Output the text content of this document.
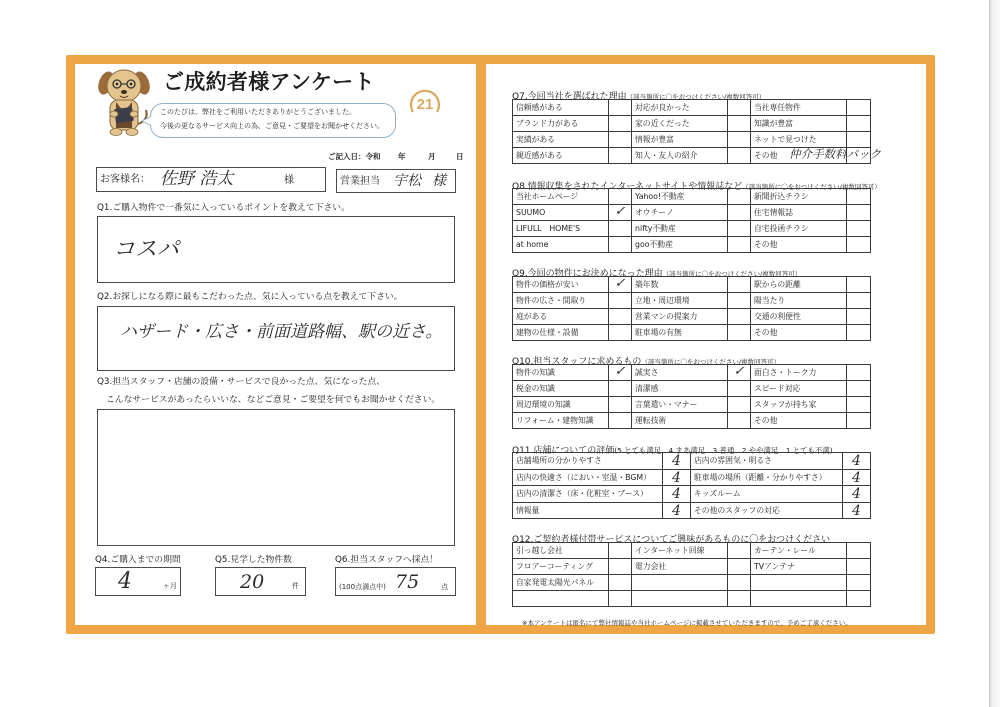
ご成約者様アンケート
21
このたびは、弊社をご利用いただきありがとうございました。
今後の更なるサービス向上の為、ご意見・ご要望をお聞かせください。
ご記入日：令和 年	月	日
お客様名： 佐野 浩太	様	営業担当 宇松 様
Q1.ご購入物件で一番気に入っているポイントを教えて下さい。
コスパ
Q2.お探しになる際に最もこだわった点、気に入っている点を教えて下さい。
ハザード・広さ・前面道路幅、駅の近さ。
Q3.担当スタッフ・店舗の設備・サービスで良かった点、気になった点、
こんなサービスがあったらいいな、などご意見・ご要望を何でもお聞かせください。
Q4.ご購入までの期間
4	ヶ月
Q5.見学した物件数
20	件
Q6.担当スタッフへ採点！
(100点満点中) 75	点
Q7.今回当社を選ばれた理由（該当箇所に〇をおつけください/複数回答可）
信頼感がある	対応が良かった	当社専任物件
ブランド力がある	家の近くだった	知識が豊富
実績がある	情報が豊富	ネットで見つけた
親近感がある	知人・友人の紹介	その他	仲介手数料パック
Q8.情報収集をされたインターネットサイトや情報誌など（該当箇所に〇をおつけください/複数回答可）
当社ホームページ	Yahoo!不動産	新聞折込チラシ
SUUMO	✓	オウチーノ	住宅情報誌
LIFULL　HOME'S	nifty不動産	自宅投函チラシ
at home	goo不動産	その他
Q9.今回の物件にお決めになった理由（該当箇所に〇をおつけください/複数回答可）
物件の価格が安い	✓	築年数	駅からの距離
物件の広さ・間取り	立地・周辺環境	陽当たり
庭がある	営業マンの提案力	交通の利便性
建物の仕様・設備	駐車場の有無	その他
Q10.担当スタッフに求めるもの（該当箇所に〇をおつけください/複数回答可）
物件の知識	✓	誠実さ	✓	面白さ・トーク力
税金の知識	清潔感	スピード対応
周辺環境の知識	言葉遣い・マナー	スタッフが持ち家
リフォーム・建物知識	運転技術	その他
Q11.店舗についての評価(5.とても満足　4.まあ満足　3.普通　2.やや満足　1.とても不満)
店舗場所の分かりやすさ	4	店内の雰囲気・明るさ	4
店内の快適さ（におい・室温・BGM）	4	駐車場の場所（距離・分かりやすさ）	4
店内の清潔さ（床・化粧室・ブース）	4	キッズルーム	4
情報量	4	その他のスタッフの対応	4
Q12.ご契約者様付帯サービスについてご興味があるものに〇をおつけください
引っ越し会社	インターネット回線	カーテン・レール
フロアーコーティング	電力会社	TVアンテナ
自家発電太陽光パネル
※本アンケートは匿名にて弊社情報誌や当社ホームページに掲載させていただきますので、予めご了承ください。
